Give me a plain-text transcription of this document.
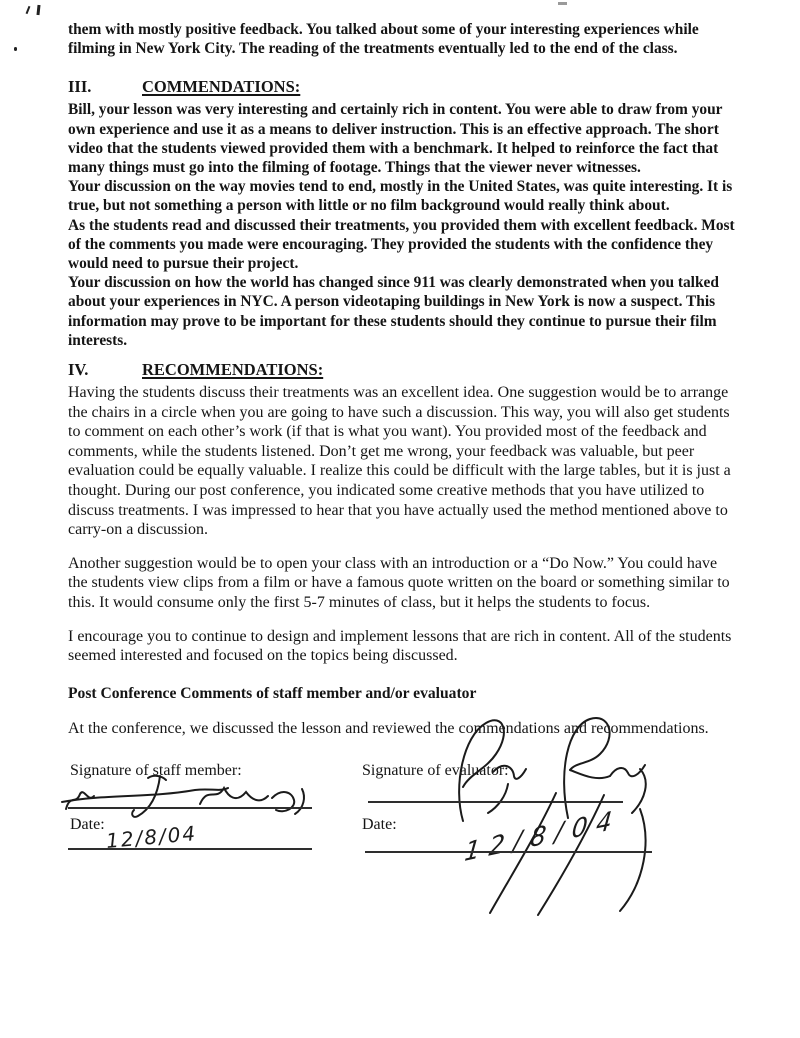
them with mostly positive feedback. You talked about some of your interesting experiences while filming in New York City. The reading of the treatments eventually led to the end of the class.

III.	COMMENDATIONS:

Bill, your lesson was very interesting and certainly rich in content. You were able to draw from your own experience and use it as a means to deliver instruction. This is an effective approach. The short video that the students viewed provided them with a benchmark. It helped to reinforce the fact that many things must go into the filming of footage. Things that the viewer never witnesses.

Your discussion on the way movies tend to end, mostly in the United States, was quite interesting. It is true, but not something a person with little or no film background would really think about.

As the students read and discussed their treatments, you provided them with excellent feedback. Most of the comments you made were encouraging. They provided the students with the confidence they would need to pursue their project.

Your discussion on how the world has changed since 911 was clearly demonstrated when you talked about your experiences in NYC. A person videotaping buildings in New York is now a suspect. This information may prove to be important for these students should they continue to pursue their film interests.

IV.	RECOMMENDATIONS:

Having the students discuss their treatments was an excellent idea. One suggestion would be to arrange the chairs in a circle when you are going to have such a discussion. This way, you will also get students to comment on each other’s work (if that is what you want). You provided most of the feedback and comments, while the students listened. Don’t get me wrong, your feedback was valuable, but peer evaluation could be equally valuable. I realize this could be difficult with the large tables, but it is just a thought. During our post conference, you indicated some creative methods that you have utilized to discuss treatments. I was impressed to hear that you have actually used the method mentioned above to carry-on a discussion.

Another suggestion would be to open your class with an introduction or a “Do Now.” You could have the students view clips from a film or have a famous quote written on the board or something similar to this. It would consume only the first 5-7 minutes of class, but it helps the students to focus.

I encourage you to continue to design and implement lessons that are rich in content. All of the students seemed interested and focused on the topics being discussed.

Post Conference Comments of staff member and/or evaluator

At the conference, we discussed the lesson and reviewed the commendations and recommendations.

Signature of staff member:
Date: 12/8/04
Signature of evaluator:
Date:	12/8/04
